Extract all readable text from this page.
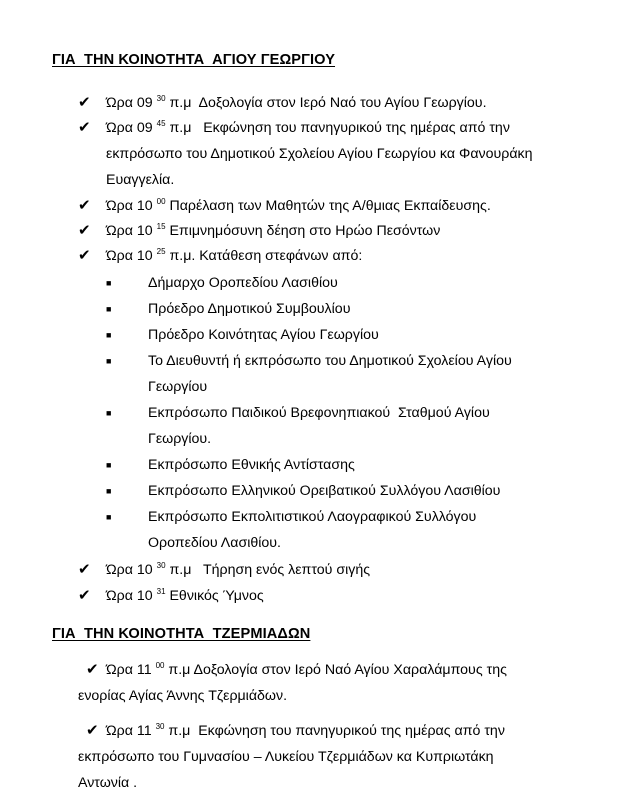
ΓΙΑ  ΤΗΝ ΚΟΙΝΟΤΗΤΑ  ΑΓΙΟΥ ΓΕΩΡΓΙΟΥ
✔ Ώρα 09 $^{30}$ π.μ  Δοξολογία στον Ιερό Ναό του Αγίου Γεωργίου.
✔ Ώρα 09 $^{45}$ π.μ   Εκφώνηση του πανηγυρικού της ημέρας από την
εκπρόσωπο του Δημοτικού Σχολείου Αγίου Γεωργίου κα Φανουράκη
Ευαγγελία.
✔ Ώρα 10 $^{00}$ Παρέλαση των Μαθητών της Α/θμιας Εκπαίδευσης.
✔ Ώρα 10 $^{15}$ Επιμνημόσυνη δέηση στο Ηρώο Πεσόντων
✔ Ώρα 10 $^{25}$ π.μ. Κατάθεση στεφάνων από:
■	Δήμαρχο Οροπεδίου Λασιθίου
■	Πρόεδρο Δημοτικού Συμβουλίου
■	Πρόεδρο Κοινότητας Αγίου Γεωργίου
■	Το Διευθυντή ή εκπρόσωπο του Δημοτικού Σχολείου Αγίου
Γεωργίου
■	Εκπρόσωπο Παιδικού Βρεφονηπιακού  Σταθμού Αγίου
Γεωργίου.
■	Εκπρόσωπο Εθνικής Αντίστασης
■	Εκπρόσωπο Ελληνικού Ορειβατικού Συλλόγου Λασιθίου
■	Εκπρόσωπο Εκπολιτιστικού Λαογραφικού Συλλόγου
Οροπεδίου Λασιθίου.
✔ Ώρα 10 $^{30}$ π.μ   Τήρηση ενός λεπτού σιγής
✔ Ώρα 10 $^{31}$ Εθνικός Ύμνος
ΓΙΑ  ΤΗΝ ΚΟΙΝΟΤΗΤΑ  ΤΖΕΡΜΙΑΔΩΝ
✔ Ώρα 11 $^{00}$ π.μ Δοξολογία στον Ιερό Ναό Αγίου Χαραλάμπους της
ενορίας Αγίας Άννης Τζερμιάδων.
✔ Ώρα 11 $^{30}$ π.μ  Εκφώνηση του πανηγυρικού της ημέρας από την
εκπρόσωπο του Γυμνασίου – Λυκείου Τζερμιάδων κα Κυπριωτάκη
Αντωνία .
